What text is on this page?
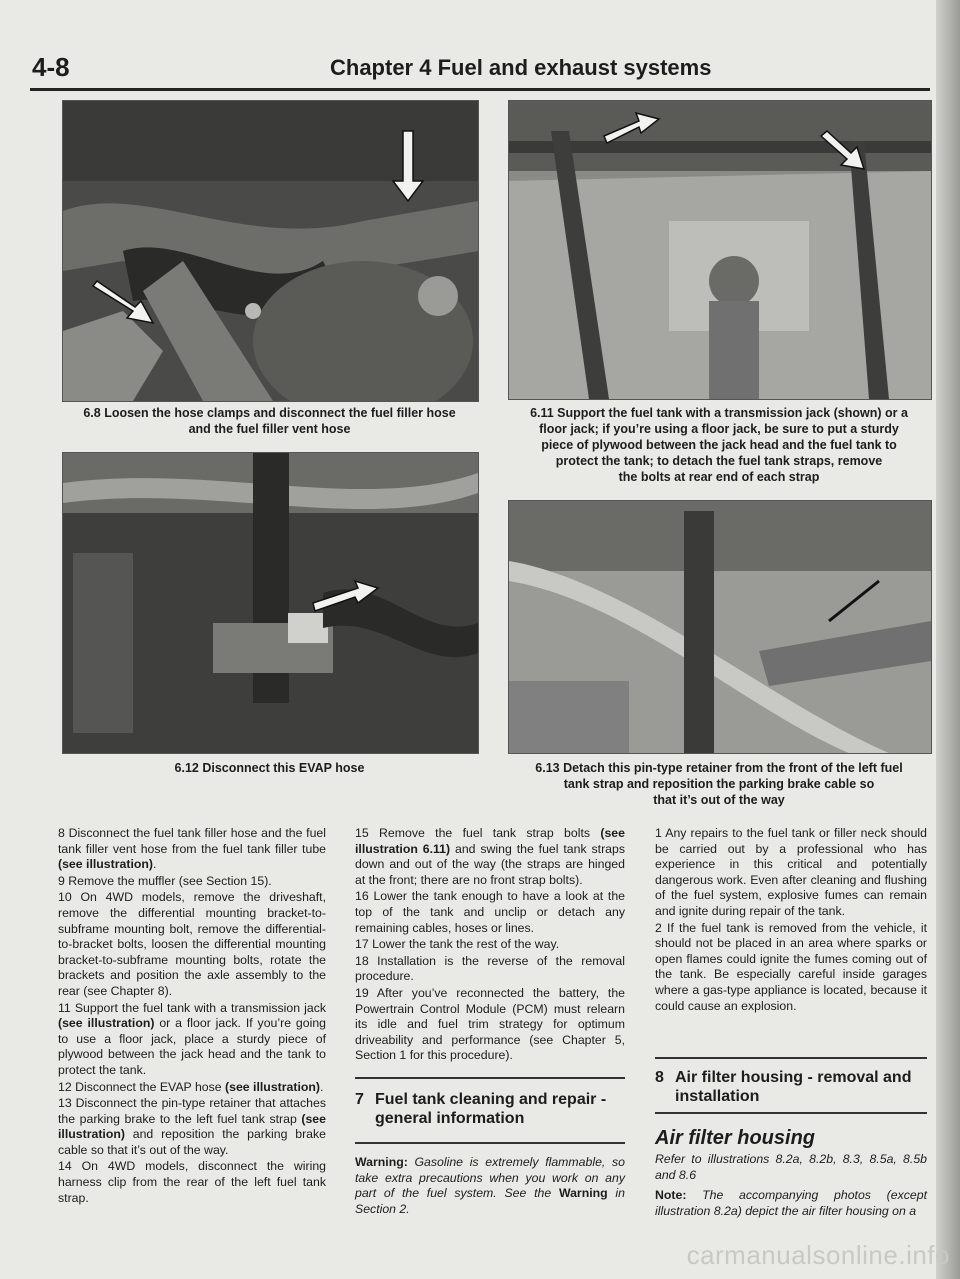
4-8	Chapter 4 Fuel and exhaust systems
6.8 Loosen the hose clamps and disconnect the fuel filler hose
and the fuel filler vent hose
6.11 Support the fuel tank with a transmission jack (shown) or a
floor jack; if you’re using a floor jack, be sure to put a sturdy
piece of plywood between the jack head and the fuel tank to
protect the tank; to detach the fuel tank straps, remove
the bolts at rear end of each strap
6.12 Disconnect this EVAP hose	6.13 Detach this pin-type retainer from the front of the left fuel
tank strap and reposition the parking brake cable so
that it’s out of the way

8 Disconnect the fuel tank filler hose and the fuel tank filler vent hose from the fuel tank filler tube (see illustration).

9 Remove the muffler (see Section 15).

10 On 4WD models, remove the driveshaft, remove the differential mounting bracket-to-subframe mounting bolt, remove the differential-to-bracket bolts, loosen the differential mounting bracket-to-subframe mounting bolts, rotate the brackets and position the axle assembly to the rear (see Chapter 8).

11 Support the fuel tank with a transmission jack (see illustration) or a floor jack. If you’re going to use a floor jack, place a sturdy piece of plywood between the jack head and the tank to protect the tank.

12 Disconnect the EVAP hose (see illustration).

13 Disconnect the pin-type retainer that attaches the parking brake to the left fuel tank strap (see illustration) and reposition the parking brake cable so that it’s out of the way.

14 On 4WD models, disconnect the wiring harness clip from the rear of the left fuel tank strap.

15 Remove the fuel tank strap bolts (see illustration 6.11) and swing the fuel tank straps down and out of the way (the straps are hinged at the front; there are no front strap bolts).

16 Lower the tank enough to have a look at the top of the tank and unclip or detach any remaining cables, hoses or lines.

17 Lower the tank the rest of the way.

18 Installation is the reverse of the removal procedure.

19 After you’ve reconnected the battery, the Powertrain Control Module (PCM) must relearn its idle and fuel trim strategy for optimum driveability and performance (see Chapter 5, Section 1 for this procedure).

7 Fuel tank cleaning and repair -
general information

Warning: Gasoline is extremely flammable, so take extra precautions when you work on any part of the fuel system. See the Warning in Section 2.

1 Any repairs to the fuel tank or filler neck should be carried out by a professional who has experience in this critical and potentially dangerous work. Even after cleaning and flushing of the fuel system, explosive fumes can remain and ignite during repair of the tank.

2 If the fuel tank is removed from the vehicle, it should not be placed in an area where sparks or open flames could ignite the fumes coming out of the tank. Be especially careful inside garages where a gas-type appliance is located, because it could cause an explosion.

8 Air filter housing - removal and
installation
Air filter housing
Refer to illustrations 8.2a, 8.2b, 8.3, 8.5a, 8.5b and 8.6

Note: The accompanying photos (except illustration 8.2a) depict the air filter housing on a

carmanualsonline.info
